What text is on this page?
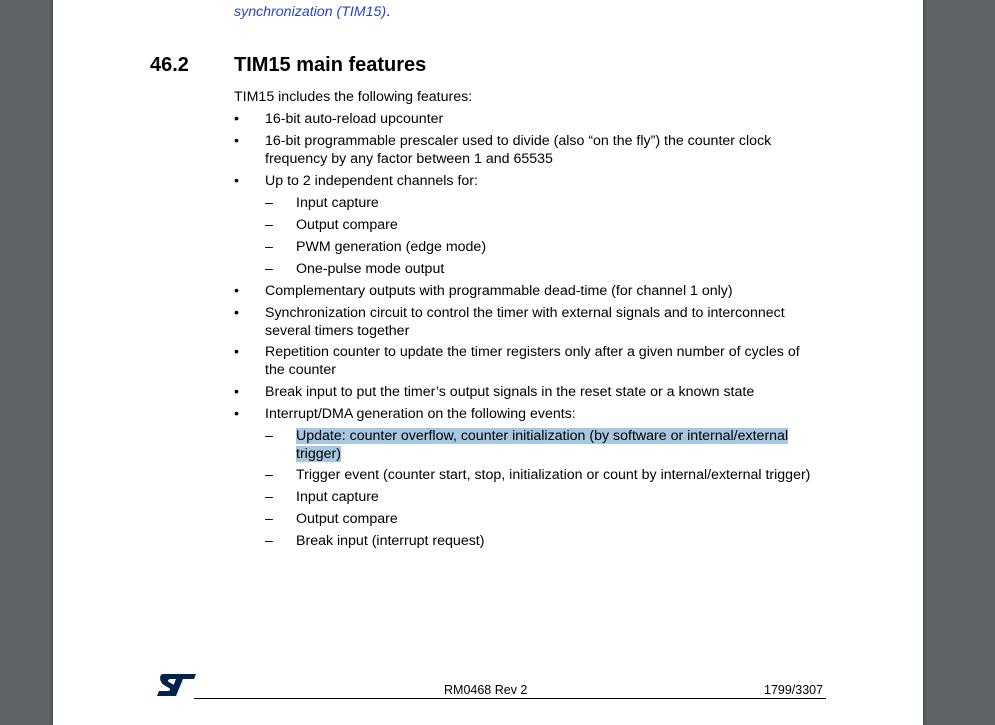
synchronization (TIM15).
46.2 TIM15 main features
TIM15 includes the following features:
•	16-bit auto-reload upcounter
•	16-bit programmable prescaler used to divide (also “on the fly”) the counter clock
frequency by any factor between 1 and 65535
•	Up to 2 independent channels for:
–	Input capture
–	Output compare
–	PWM generation (edge mode)
–	One-pulse mode output
•	Complementary outputs with programmable dead-time (for channel 1 only)
•	Synchronization circuit to control the timer with external signals and to interconnect
several timers together
•	Repetition counter to update the timer registers only after a given number of cycles of
the counter
•	Break input to put the timer’s output signals in the reset state or a known state
•	Interrupt/DMA generation on the following events:
–	Update: counter overflow, counter initialization (by software or internal/external
trigger)
–	Trigger event (counter start, stop, initialization or count by internal/external trigger)
–	Input capture
–	Output compare
–	Break input (interrupt request)
RM0468 Rev 2	1799/3307
